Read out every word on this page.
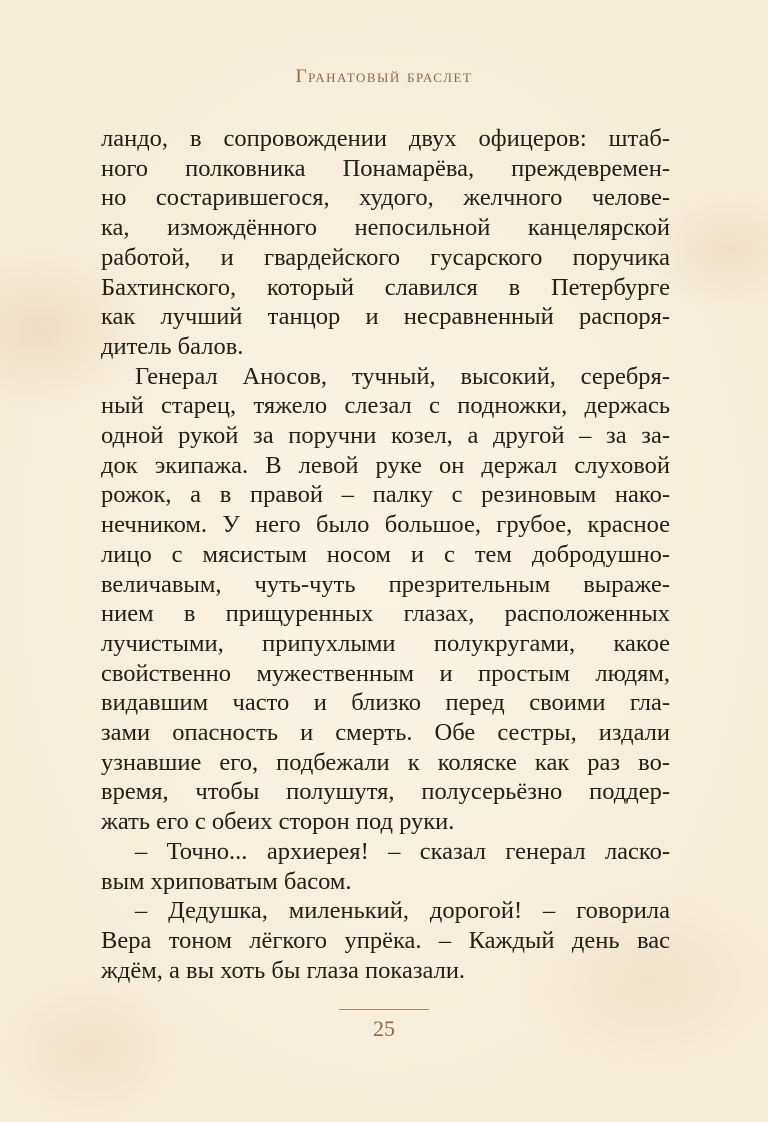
Гранатовый браслет

ландо, в сопровождении двух офицеров: штаб-
ного полковника Понамарёва, преждевремен-
но состарившегося, худого, желчного челове-
ка, измождённого непосильной канцелярской
работой, и гвардейского гусарского поручика
Бахтинского, который славился в Петербурге
как лучший танцор и несравненный распоря-
дитель балов.

Генерал Аносов, тучный, высокий, серебря-
ный старец, тяжело слезал с подножки, держась
одной рукой за поручни козел, а другой – за за-
док экипажа. В левой руке он держал слуховой
рожок, а в правой – палку с резиновым нако-
нечником. У него было большое, грубое, красное
лицо с мясистым носом и с тем добродушно-
величавым, чуть-чуть презрительным выраже-
нием в прищуренных глазах, расположенных
лучистыми, припухлыми полукругами, какое
свойственно мужественным и простым людям,
видавшим часто и близко перед своими гла-
зами опасность и смерть. Обе сестры, издали
узнавшие его, подбежали к коляске как раз во-
время, чтобы полушутя, полусерьёзно поддер-
жать его с обеих сторон под руки.

– Точно... архиерея! – сказал генерал ласко-
вым хриповатым басом.

– Дедушка, миленький, дорогой! – говорила
Вера тоном лёгкого упрёка. – Каждый день вас
ждём, а вы хоть бы глаза показали.

25
